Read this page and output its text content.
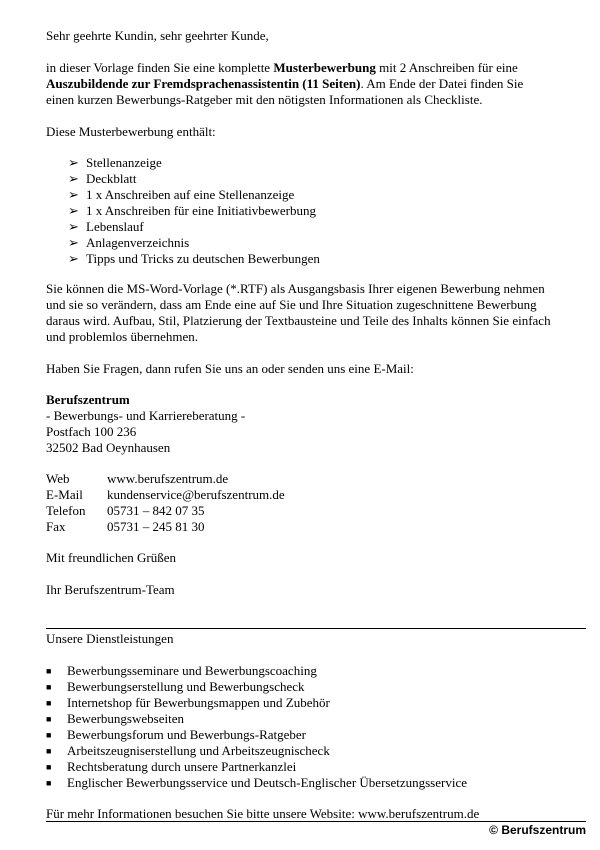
Sehr geehrte Kundin, sehr geehrter Kunde,
in dieser Vorlage finden Sie eine komplette Musterbewerbung mit 2 Anschreiben für eine
Auszubildende zur Fremdsprachenassistentin (11 Seiten). Am Ende der Datei finden Sie
einen kurzen Bewerbungs-Ratgeber mit den nötigsten Informationen als Checkliste.
Diese Musterbewerbung enthält:
➢ Stellenanzeige
➢ Deckblatt
➢ 1 x Anschreiben auf eine Stellenanzeige
➢ 1 x Anschreiben für eine Initiativbewerbung
➢ Lebenslauf
➢ Anlagenverzeichnis
➢ Tipps und Tricks zu deutschen Bewerbungen
Sie können die MS-Word-Vorlage (*.RTF) als Ausgangsbasis Ihrer eigenen Bewerbung nehmen
und sie so verändern, dass am Ende eine auf Sie und Ihre Situation zugeschnittene Bewerbung
daraus wird. Aufbau, Stil, Platzierung der Textbausteine und Teile des Inhalts können Sie einfach
und problemlos übernehmen.
Haben Sie Fragen, dann rufen Sie uns an oder senden uns eine E-Mail:
Berufszentrum
- Bewerbungs- und Karriereberatung -
Postfach 100 236
32502 Bad Oeynhausen
Web	www.berufszentrum.de
E-Mail kundenservice@berufszentrum.de
Telefon 05731 – 842 07 35
Fax	05731 – 245 81 30
Mit freundlichen Grüßen
Ihr Berufszentrum-Team
Unsere Dienstleistungen
■ Bewerbungsseminare und Bewerbungscoaching
■ Bewerbungserstellung und Bewerbungscheck
■ Internetshop für Bewerbungsmappen und Zubehör
■ Bewerbungswebseiten
■ Bewerbungsforum und Bewerbungs-Ratgeber
■ Arbeitszeugniserstellung und Arbeitszeugnischeck
■ Rechtsberatung durch unsere Partnerkanzlei
■ Englischer Bewerbungsservice und Deutsch-Englischer Übersetzungsservice
Für mehr Informationen besuchen Sie bitte unsere Website: www.berufszentrum.de
© Berufszentrum
